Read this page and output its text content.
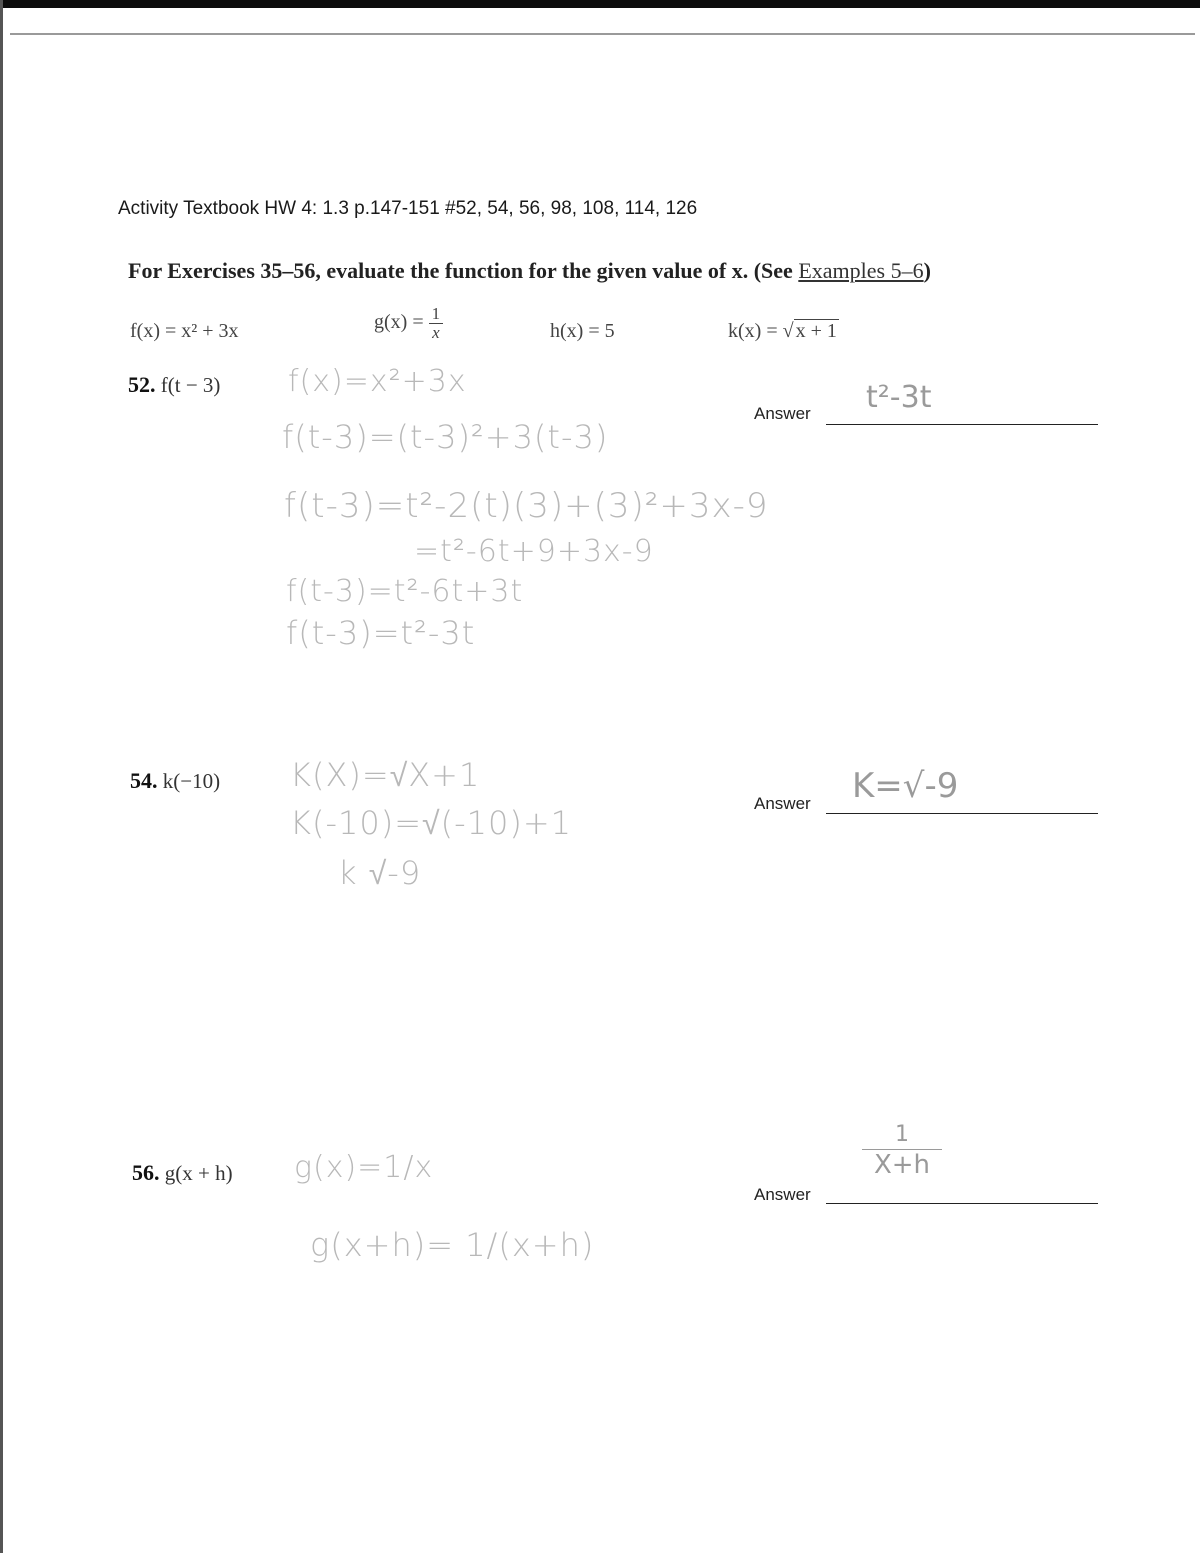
Activity Textbook HW 4: 1.3 p.147-151 #52, 54, 56, 98, 108, 114, 126
For Exercises 35–56, evaluate the function for the given value of x. (See Examples 5–6)
f(x) = x² + 3x	$g(x) = \frac{1}{x}$	h(x) = 5	k(x) = √ x + 1
52. f(t − 3) f(x)=x²+3x
f(t-3)=(t-3)²+3(t-3)
f(t-3)=t²-2(t)(3)+(3)²+3x-9
=t²-6t+9+3x-9
f(t-3)=t²-6t+3t
f(t-3)=t²-3t
Answer t²-3t
54. k(−10) K(X)=√X+1
K(-10)=√(-10)+1
k √-9
Answer K=√-9
56. g(x + h) g(x)=1/x
g(x+h)= 1/(x+h)
Answer
1
X+h
